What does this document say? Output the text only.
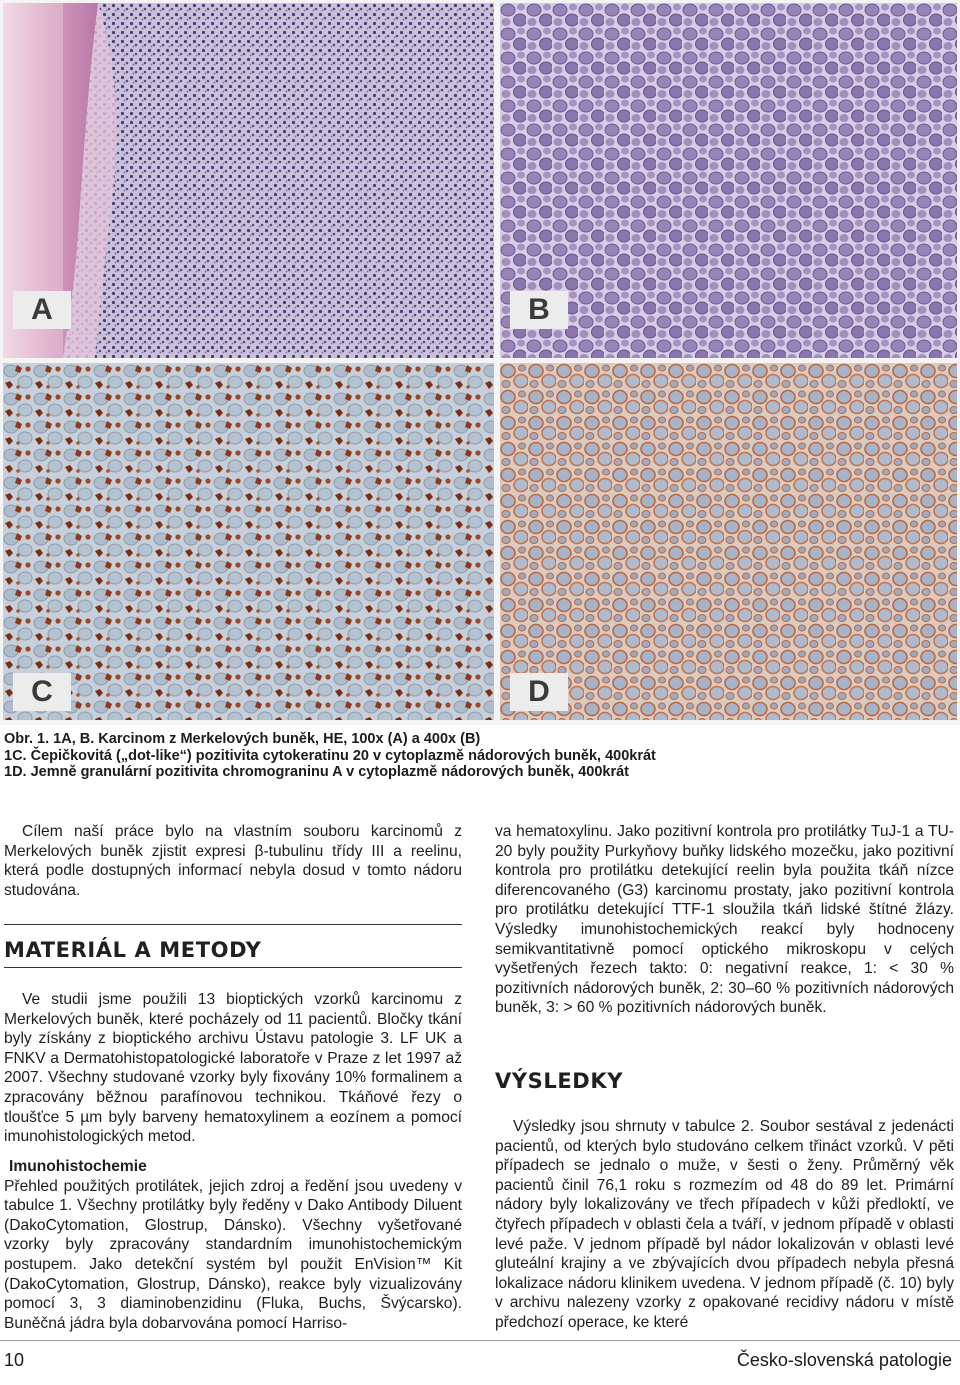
A	B
C	D
Obr. 1. 1A, B. Karcinom z Merkelových buněk, HE, 100x (A) a 400x (B)
1C. Čepičkovitá („dot-like“) pozitivita cytokeratinu 20 v cytoplazmě nádorových buněk, 400krát
1D. Jemně granulární pozitivita chromograninu A v cytoplazmě nádorových buněk, 400krát

Cílem naší práce bylo na vlastním souboru karcinomů z Merkelových buněk zjistit expresi β-tubulinu třídy III a reelinu, která podle dostupných informací nebyla dosud v tomto nádoru studována.

MATERIÁL A METODY

Ve studii jsme použili 13 bioptických vzorků karcinomu z Merkelových buněk, které pocházely od 11 pacientů. Bločky tkání byly získány z bioptického archivu Ústavu patologie 3. LF UK a FNKV a Dermatohistopatologické laboratoře v Praze z let 1997 až 2007. Všechny studované vzorky byly fixovány 10% formalinem a zpracovány běžnou parafínovou technikou. Tkáňové řezy o tloušťce 5 µm byly barveny hematoxylinem a eozínem a pomocí imunohistologických metod.

Imunohistochemie

Přehled použitých protilátek, jejich zdroj a ředění jsou uvedeny v tabulce 1. Všechny protilátky byly ředěny v Dako Antibody Diluent (DakoCytomation, Glostrup, Dánsko). Všechny vyšetřované vzorky byly zpracovány standardním imunohistochemickým postupem. Jako detekční systém byl použit EnVision™ Kit (DakoCytomation, Glostrup, Dánsko), reakce byly vizualizovány pomocí 3, 3 diaminobenzidinu (Fluka, Buchs, Švýcarsko). Buněčná jádra byla dobarvována pomocí Harriso-

va hematoxylinu. Jako pozitivní kontrola pro protilátky TuJ-1 a TU-20 byly použity Purkyňovy buňky lidského mozečku, jako pozitivní kontrola pro protilátku detekující reelin byla použita tkáň nízce diferencovaného (G3) karcinomu prostaty, jako pozitivní kontrola pro protilátku detekující TTF-1 sloužila tkáň lidské štítné žlázy. Výsledky imunohistochemických reakcí byly hodnoceny semikvantitativně pomocí optického mikroskopu v celých vyšetřených řezech takto: 0: negativní reakce, 1: < 30 % pozitivních nádorových buněk, 2: 30–60 % pozitivních nádorových buněk, 3: > 60 % pozitivních nádorových buněk.

VÝSLEDKY

Výsledky jsou shrnuty v tabulce 2. Soubor sestával z jedenácti pacientů, od kterých bylo studováno celkem třináct vzorků. V pěti případech se jednalo o muže, v šesti o ženy. Průměrný věk pacientů činil 76,1 roku s rozmezím od 48 do 89 let. Primární nádory byly lokalizovány ve třech případech v kůži předloktí, ve čtyřech případech v oblasti čela a tváří, v jednom případě v oblasti levé paže. V jednom případě byl nádor lokalizován v oblasti levé gluteální krajiny a ve zbývajících dvou případech nebyla přesná lokalizace nádoru klinikem uvedena. V jednom případě (č. 10) byly v archivu nalezeny vzorky z opakované recidivy nádoru v místě předchozí operace, ke které

10	Česko-slovenská patologie
